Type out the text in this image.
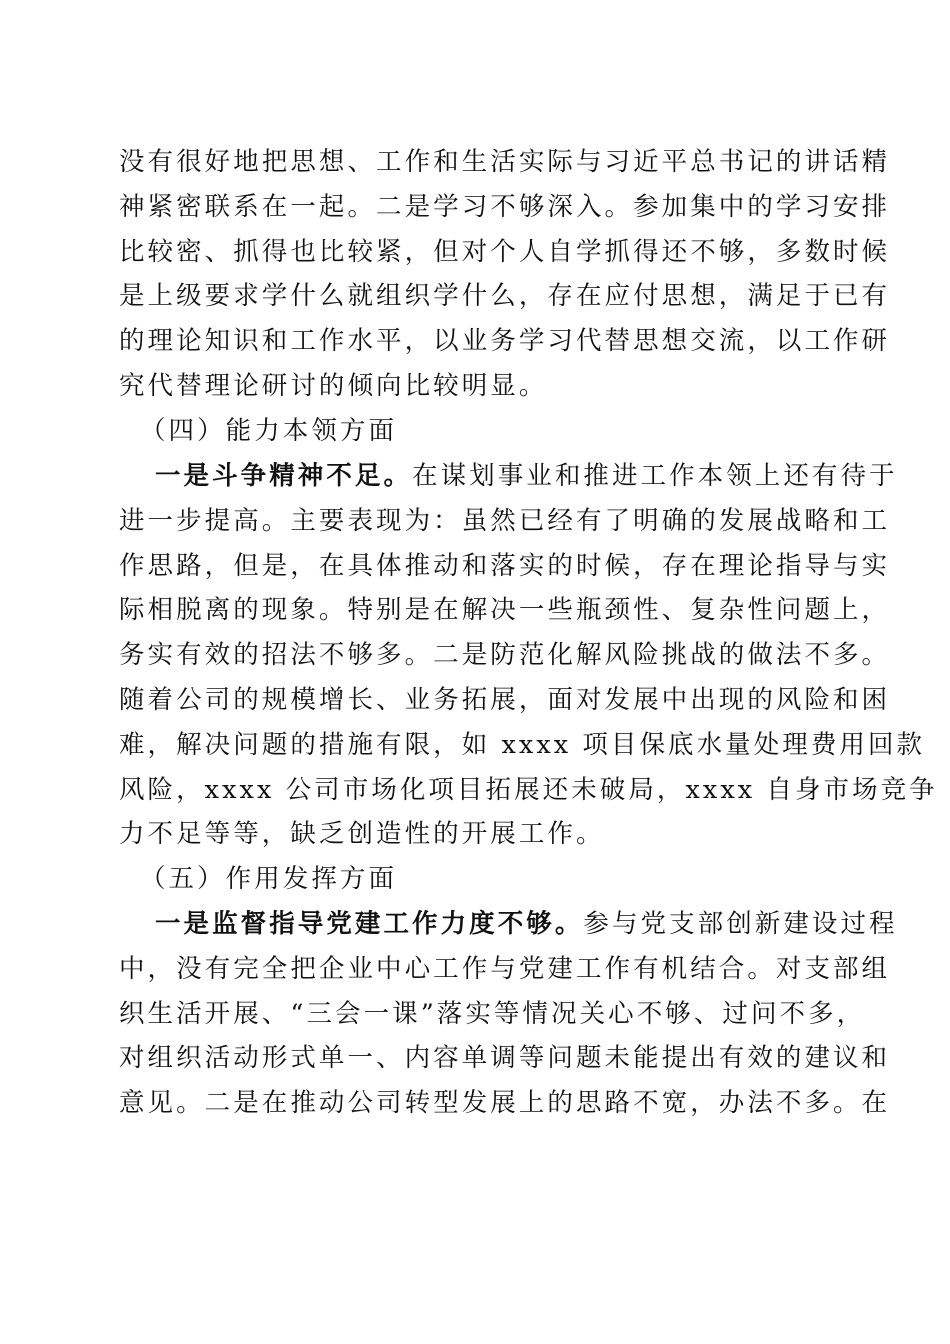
没有很好地把思想、工作和生活实际与习近平总书记的讲话精
神紧密联系在一起。二是学习不够深入。参加集中的学习安排
比较密、抓得也比较紧，但对个人自学抓得还不够，多数时候
是上级要求学什么就组织学什么，存在应付思想，满足于已有
的理论知识和工作水平，以业务学习代替思想交流，以工作研
究代替理论研讨的倾向比较明显。
（四）能力本领方面
一是斗争精神不足。在谋划事业和推进工作本领上还有待于
进一步提高。主要表现为：虽然已经有了明确的发展战略和工
作思路，但是，在具体推动和落实的时候，存在理论指导与实
际相脱离的现象。特别是在解决一些瓶颈性、复杂性问题上，
务实有效的招法不够多。二是防范化解风险挑战的做法不多。
随着公司的规模增长、业务拓展，面对发展中出现的风险和困
难，解决问题的措施有限，如 xxxx 项目保底水量处理费用回款
风险，xxxx 公司市场化项目拓展还未破局，xxxx 自身市场竞争
力不足等等，缺乏创造性的开展工作。
（五）作用发挥方面
一是监督指导党建工作力度不够。参与党支部创新建设过程
中，没有完全把企业中心工作与党建工作有机结合。对支部组
织生活开展、“三会一课”落实等情况关心不够、过问不多，
对组织活动形式单一、内容单调等问题未能提出有效的建议和
意见。二是在推动公司转型发展上的思路不宽，办法不多。在
